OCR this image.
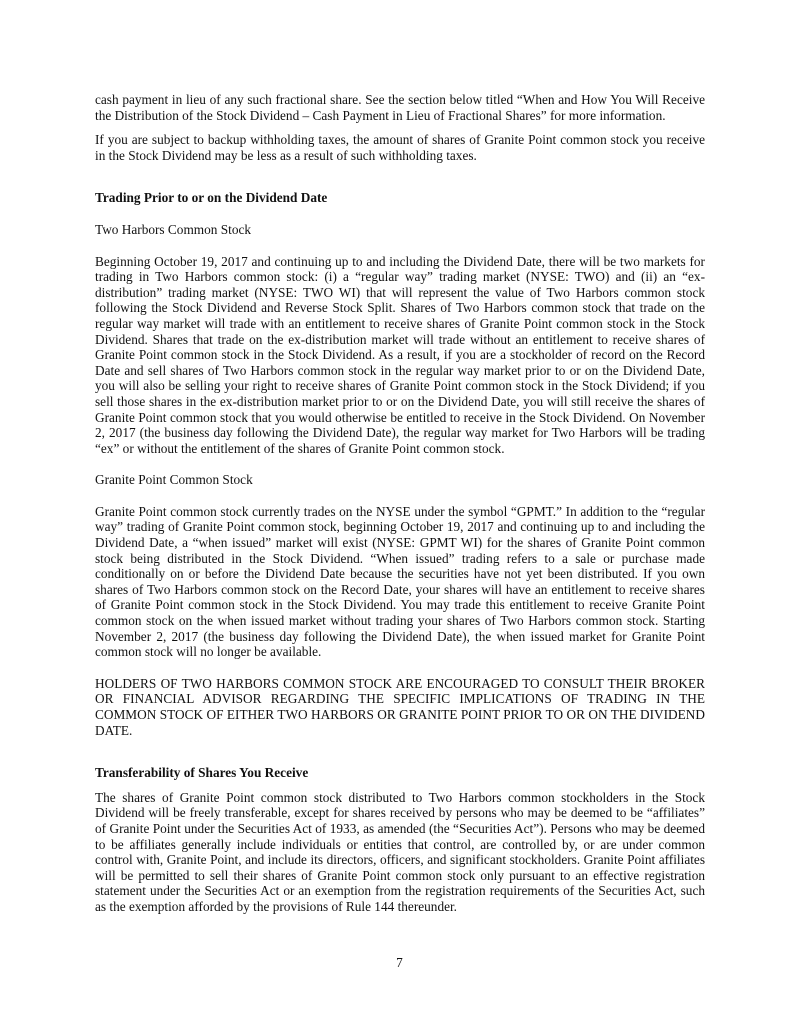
cash payment in lieu of any such fractional share. See the section below titled “When and How You Will Receive the Distribution of the Stock Dividend – Cash Payment in Lieu of Fractional Shares” for more information.

If you are subject to backup withholding taxes, the amount of shares of Granite Point common stock you receive in the Stock Dividend may be less as a result of such withholding taxes.

Trading Prior to or on the Dividend Date

Two Harbors Common Stock

Beginning October 19, 2017 and continuing up to and including the Dividend Date, there will be two markets for trading in Two Harbors common stock: (i) a “regular way” trading market (NYSE: TWO) and (ii) an “ex-distribution” trading market (NYSE: TWO WI) that will represent the value of Two Harbors common stock following the Stock Dividend and Reverse Stock Split. Shares of Two Harbors common stock that trade on the regular way market will trade with an entitlement to receive shares of Granite Point common stock in the Stock Dividend. Shares that trade on the ex-distribution market will trade without an entitlement to receive shares of Granite Point common stock in the Stock Dividend. As a result, if you are a stockholder of record on the Record Date and sell shares of Two Harbors common stock in the regular way market prior to or on the Dividend Date, you will also be selling your right to receive shares of Granite Point common stock in the Stock Dividend; if you sell those shares in the ex-distribution market prior to or on the Dividend Date, you will still receive the shares of Granite Point common stock that you would otherwise be entitled to receive in the Stock Dividend. On November 2, 2017 (the business day following the Dividend Date), the regular way market for Two Harbors will be trading “ex” or without the entitlement of the shares of Granite Point common stock.

Granite Point Common Stock

Granite Point common stock currently trades on the NYSE under the symbol “GPMT.” In addition to the “regular way” trading of Granite Point common stock, beginning October 19, 2017 and continuing up to and including the Dividend Date, a “when issued” market will exist (NYSE: GPMT WI) for the shares of Granite Point common stock being distributed in the Stock Dividend. “When issued” trading refers to a sale or purchase made conditionally on or before the Dividend Date because the securities have not yet been distributed. If you own shares of Two Harbors common stock on the Record Date, your shares will have an entitlement to receive shares of Granite Point common stock in the Stock Dividend. You may trade this entitlement to receive Granite Point common stock on the when issued market without trading your shares of Two Harbors common stock. Starting November 2, 2017 (the business day following the Dividend Date), the when issued market for Granite Point common stock will no longer be available.

HOLDERS OF TWO HARBORS COMMON STOCK ARE ENCOURAGED TO CONSULT THEIR BROKER OR FINANCIAL ADVISOR REGARDING THE SPECIFIC IMPLICATIONS OF TRADING IN THE COMMON STOCK OF EITHER TWO HARBORS OR GRANITE POINT PRIOR TO OR ON THE DIVIDEND DATE.

Transferability of Shares You Receive

The shares of Granite Point common stock distributed to Two Harbors common stockholders in the Stock Dividend will be freely transferable, except for shares received by persons who may be deemed to be “affiliates” of Granite Point under the Securities Act of 1933, as amended (the “Securities Act”). Persons who may be deemed to be affiliates generally include individuals or entities that control, are controlled by, or are under common control with, Granite Point, and include its directors, officers, and significant stockholders. Granite Point affiliates will be permitted to sell their shares of Granite Point common stock only pursuant to an effective registration statement under the Securities Act or an exemption from the registration requirements of the Securities Act, such as the exemption afforded by the provisions of Rule 144 thereunder.

7
